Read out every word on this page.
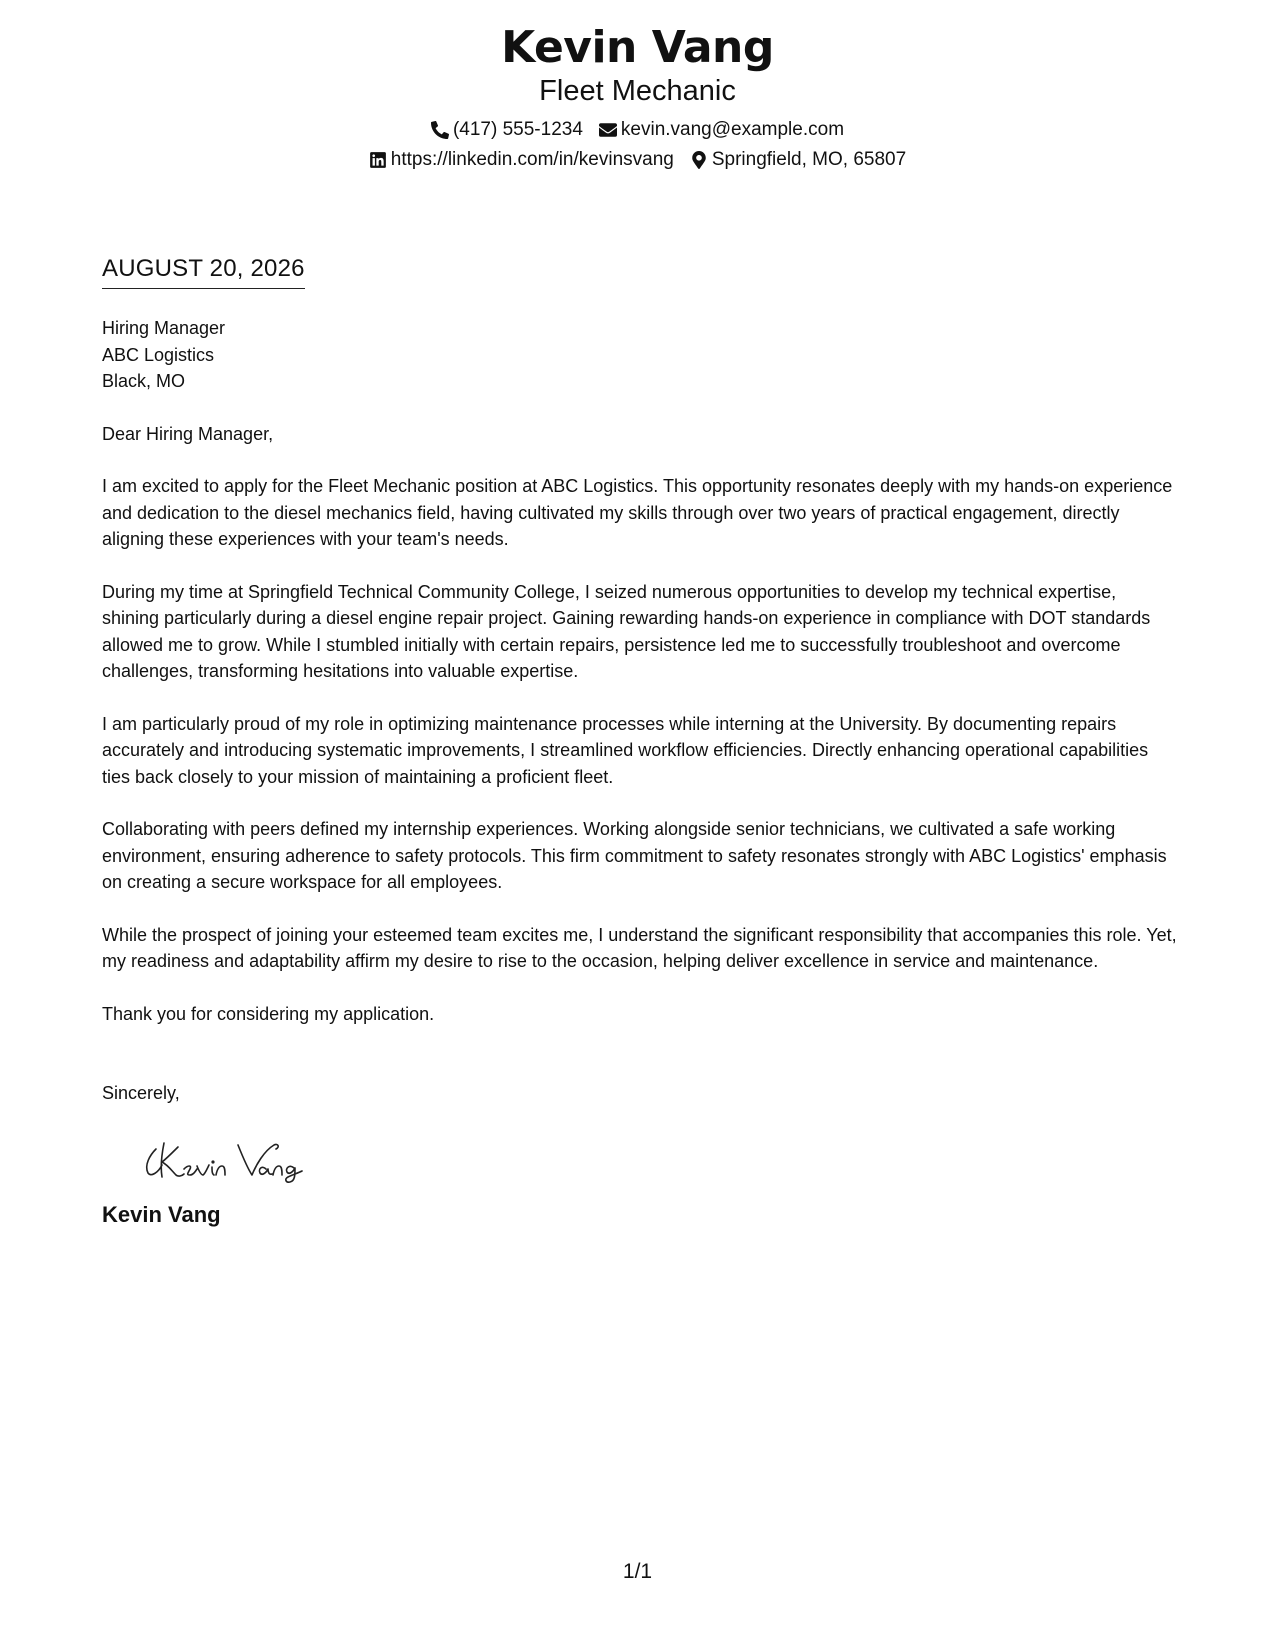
Kevin Vang
Fleet Mechanic
(417) 555-1234 kevin.vang@example.com
https://linkedin.com/in/kevinsvang Springfield, MO, 65807
AUGUST 20, 2026
Hiring Manager
ABC Logistics
Black, MO

Dear Hiring Manager,

I am excited to apply for the Fleet Mechanic position at ABC Logistics. This opportunity resonates deeply with my hands-on experience and dedication to the diesel mechanics field, having cultivated my skills through over two years of practical engagement, directly aligning these experiences with your team's needs.

During my time at Springfield Technical Community College, I seized numerous opportunities to develop my technical expertise, shining particularly during a diesel engine repair project. Gaining rewarding hands-on experience in compliance with DOT standards allowed me to grow. While I stumbled initially with certain repairs, persistence led me to successfully troubleshoot and overcome challenges, transforming hesitations into valuable expertise.

I am particularly proud of my role in optimizing maintenance processes while interning at the University. By documenting repairs accurately and introducing systematic improvements, I streamlined workflow efficiencies. Directly enhancing operational capabilities ties back closely to your mission of maintaining a proficient fleet.

Collaborating with peers defined my internship experiences. Working alongside senior technicians, we cultivated a safe working environment, ensuring adherence to safety protocols. This firm commitment to safety resonates strongly with ABC Logistics' emphasis on creating a secure workspace for all employees.

While the prospect of joining your esteemed team excites me, I understand the significant responsibility that accompanies this role. Yet, my readiness and adaptability affirm my desire to rise to the occasion, helping deliver excellence in service and maintenance.

Thank you for considering my application.

Sincerely,

Kevin Vang
1/1
